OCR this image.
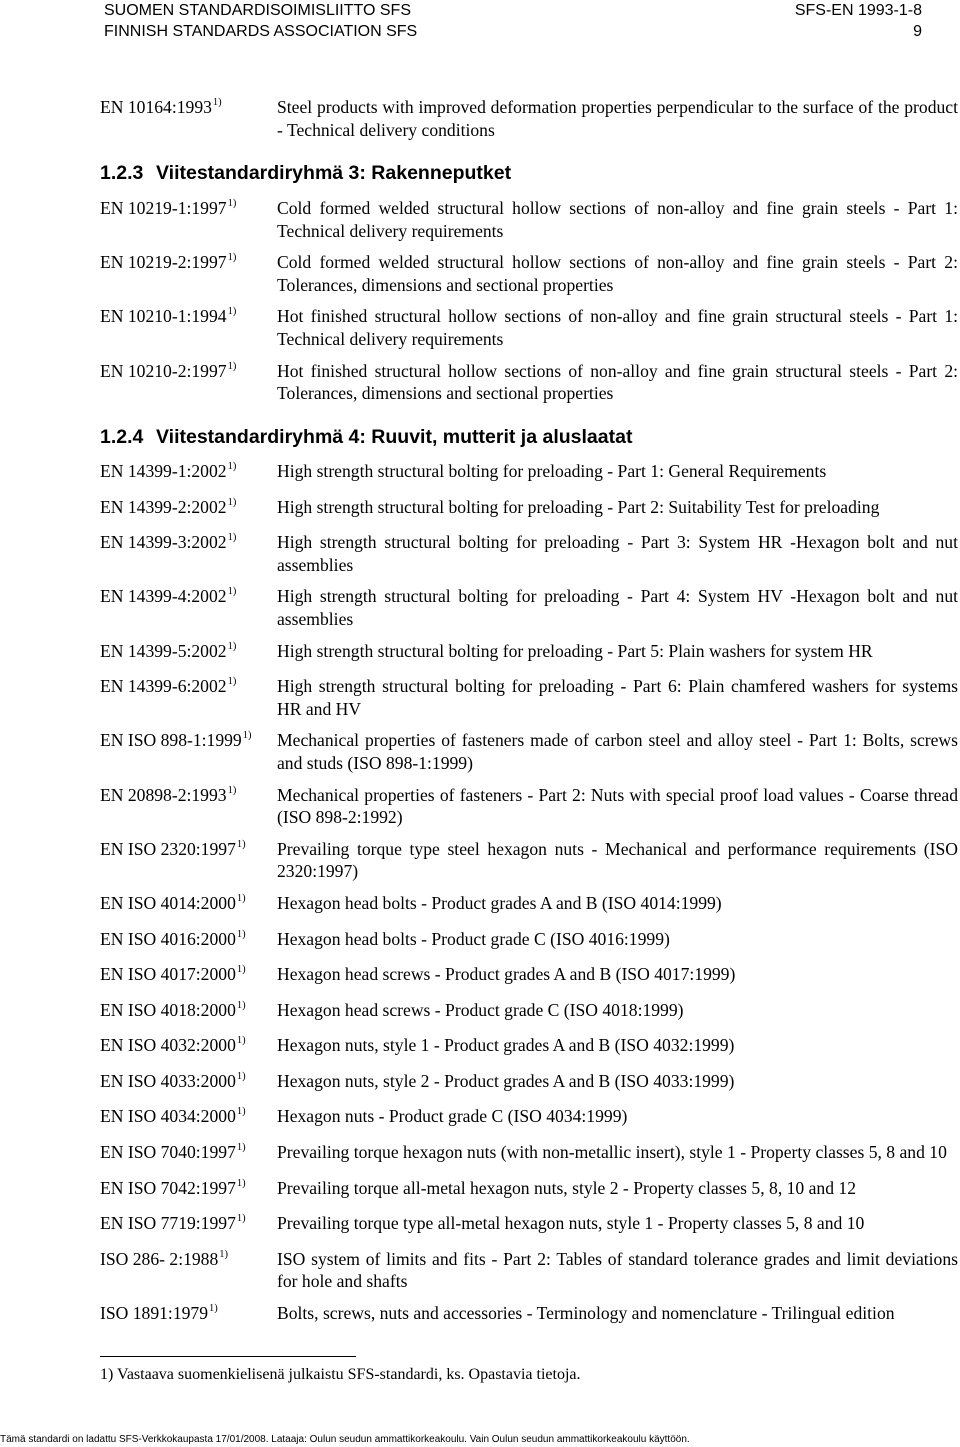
SUOMEN STANDARDISOIMISLIITTO SFS	SFS-EN 1993-1-8
FINNISH STANDARDS ASSOCIATION SFS	9
EN 10164:1993$^{1)}$	Steel products with improved deformation properties perpendicular to the surface of the product - Technical delivery conditions
1.2.3 Viitestandardiryhmä 3: Rakenneputket
EN 10219-1:1997$^{1)}$	Cold formed welded structural hollow sections of non-alloy and fine grain steels - Part 1: Technical delivery requirements
EN 10219-2:1997$^{1)}$	Cold formed welded structural hollow sections of non-alloy and fine grain steels - Part 2: Tolerances, dimensions and sectional properties
EN 10210-1:1994$^{1)}$	Hot finished structural hollow sections of non-alloy and fine grain structural steels - Part 1: Technical delivery requirements
EN 10210-2:1997$^{1)}$	Hot finished structural hollow sections of non-alloy and fine grain structural steels - Part 2: Tolerances, dimensions and sectional properties
1.2.4 Viitestandardiryhmä 4: Ruuvit, mutterit ja aluslaatat
EN 14399-1:2002$^{1)}$	High strength structural bolting for preloading - Part 1: General Requirements
EN 14399-2:2002$^{1)}$	High strength structural bolting for preloading - Part 2: Suitability Test for preloading
EN 14399-3:2002$^{1)}$	High strength structural bolting for preloading - Part 3: System HR -Hexagon bolt and nut assemblies
EN 14399-4:2002$^{1)}$	High strength structural bolting for preloading - Part 4: System HV -Hexagon bolt and nut assemblies
EN 14399-5:2002$^{1)}$	High strength structural bolting for preloading - Part 5: Plain washers for system HR
EN 14399-6:2002$^{1)}$	High strength structural bolting for preloading - Part 6: Plain chamfered washers for systems HR and HV
EN ISO 898-1:1999$^{1)}$	Mechanical properties of fasteners made of carbon steel and alloy steel - Part 1: Bolts, screws and studs (ISO 898-1:1999)
EN 20898-2:1993$^{1)}$	Mechanical properties of fasteners - Part 2: Nuts with special proof load values - Coarse thread (ISO 898-2:1992)
EN ISO 2320:1997$^{1)}$	Prevailing torque type steel hexagon nuts - Mechanical and performance requirements (ISO 2320:1997)
EN ISO 4014:2000$^{1)}$	Hexagon head bolts - Product grades A and B (ISO 4014:1999)
EN ISO 4016:2000$^{1)}$	Hexagon head bolts - Product grade C (ISO 4016:1999)
EN ISO 4017:2000$^{1)}$	Hexagon head screws - Product grades A and B (ISO 4017:1999)
EN ISO 4018:2000$^{1)}$	Hexagon head screws - Product grade C (ISO 4018:1999)
EN ISO 4032:2000$^{1)}$	Hexagon nuts, style 1 - Product grades A and B (ISO 4032:1999)
EN ISO 4033:2000$^{1)}$	Hexagon nuts, style 2 - Product grades A and B (ISO 4033:1999)
EN ISO 4034:2000$^{1)}$	Hexagon nuts - Product grade C (ISO 4034:1999)
EN ISO 7040:1997$^{1)}$	Prevailing torque hexagon nuts (with non-metallic insert), style 1 - Property classes 5, 8 and 10
EN ISO 7042:1997$^{1)}$	Prevailing torque all-metal hexagon nuts, style 2 - Property classes 5, 8, 10 and 12
EN ISO 7719:1997$^{1)}$	Prevailing torque type all-metal hexagon nuts, style 1 - Property classes 5, 8 and 10
ISO 286- 2:1988$^{1)}$	ISO system of limits and fits - Part 2: Tables of standard tolerance grades and limit deviations for hole and shafts
ISO 1891:1979$^{1)}$	Bolts, screws, nuts and accessories - Terminology and nomenclature - Trilingual edition
1) Vastaava suomenkielisenä julkaistu SFS-standardi, ks. Opastavia tietoja.
Tämä standardi on ladattu SFS-Verkkokaupasta 17/01/2008. Lataaja: Oulun seudun ammattikorkeakoulu. Vain Oulun seudun ammattikorkeakoulu käyttöön.
